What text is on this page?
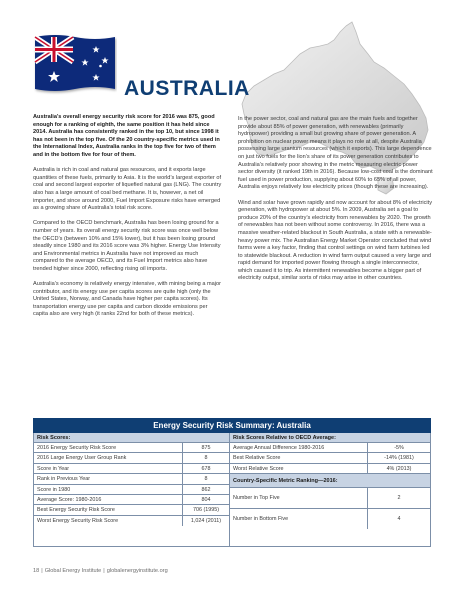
AUSTRALIA

Australia’s overall energy security risk score for 2016 was 875, good enough for a ranking of eighth, the same position it has held since 2014. Australia has consistently ranked in the top 10, but since 1998 it has not been in the top five. Of the 20 country-specific metrics used in the International Index, Australia ranks in the top five for two of them and in the bottom five for four of them.

Australia is rich in coal and natural gas resources, and it exports large quantities of these fuels, primarily to Asia. It is the world’s largest exporter of coal and second largest exporter of liquefied natural gas (LNG). The country also has a large amount of coal bed methane. It is, however, a net oil importer, and since around 2000, Fuel Import Exposure risks have emerged as a growing share of Australia’s total risk score.

Compared to the OECD benchmark, Australia has been losing ground for a number of years. Its overall energy security risk score was once well below the OECD’s (between 10% and 15% lower), but it has been losing ground steadily since 1980 and its 2016 score was 3% higher. Energy Use Intensity and Environmental metrics in Australia have not improved as much compared to the average OECD, and its Fuel Import metrics also have trended higher since 2000, reflecting rising oil imports.

Australia’s economy is relatively energy intensive, with mining being a major contributor, and its energy use per capita scores are quite high (only the United States, Norway, and Canada have higher per capita scores). Its transportation energy use per capita and carbon dioxide emissions per capita also are very high (it ranks 22nd for both of these metrics).

In the power sector, coal and natural gas are the main fuels and together provide about 85% of power generation, with renewables (primarily hydropower) providing a small but growing share of power generation. A prohibition on nuclear power means it plays no role at all, despite Australia possessing large uranium resources (which it exports). This large dependence on just two fuels for the lion’s share of its power generation contributes to Australia’s relatively poor showing in the metric measuring electric power sector diversity (it ranked 19th in 2016). Because low-cost coal is the dominant fuel used in power production, supplying about 60% to 65% of all power, Australia enjoys relatively low electricity prices (though these are increasing).

Wind and solar have grown rapidly and now account for about 8% of electricity generation, with hydropower at about 5%. In 2009, Australia set a goal to produce 20% of the country’s electricity from renewables by 2020. The growth of renewables has not been without some controversy. In 2016, there was a massive weather-related blackout in South Australia, a state with a renewable-heavy power mix. The Australian Energy Market Operator concluded that wind farms were a key factor, finding that control settings on wind farm turbines led to statewide blackout. A reduction in wind farm output caused a very large and rapid demand for imported power flowing through a single interconnector, which caused it to trip. As intermittent renewables become a bigger part of electricity output, similar sorts of risks may arise in other countries.

Energy Security Risk Summary: Australia
Risk Scores:
2016 Energy Security Risk Score	875
2016 Large Energy User Group Rank	8
Score in Year	678
Rank in Previous Year	8
Score in 1980	862
Average Score: 1980-2016	804
Best Energy Security Risk Score	706 (1995)
Worst Energy Security Risk Score	1,024 (2011)
Risk Scores Relative to OECD Average:
Average Annual Difference 1980-2016	-5%
Best Relative Score	-14% (1981)
Worst Relative Score	4% (2013)
Country-Specific Metric Ranking—2016:
Number in Top Five	2
Number in Bottom Five	4
18 | Global Energy Institute | globalenergyinstitute.org
